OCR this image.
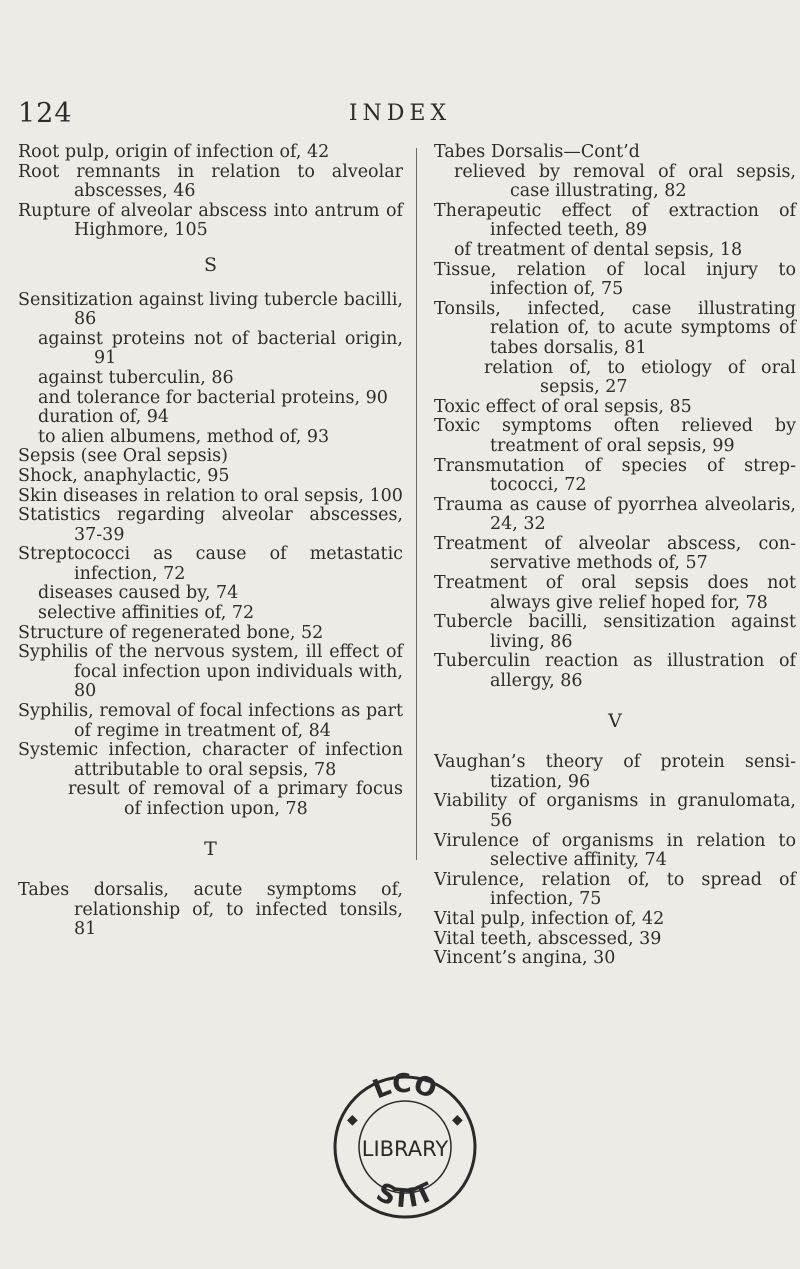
124	INDEX

Root pulp, origin of infection of, 42

Root remnants in relation to alveolar abscesses, 46

Rupture of alveolar abscess into antrum of Highmore, 105

S

Sensitization against living tubercle bacilli, 86

against proteins not of bacterial origin, 91

against tuberculin, 86

and tolerance for bacterial proteins, 90

duration of, 94

to alien albumens, method of, 93

Sepsis (see Oral sepsis)

Shock, anaphylactic, 95

Skin diseases in relation to oral sepsis, 100

Statistics regarding alveolar abscesses, 37-39

Streptococci as cause of metastatic infection, 72

diseases caused by, 74

selective affinities of, 72

Structure of regenerated bone, 52

Syphilis of the nervous system, ill effect of focal infection upon individuals with, 80

Syphilis, removal of focal infections as part of regime in treatment of, 84

Systemic infection, character of infection attributable to oral sepsis, 78

result of removal of a primary focus of infection upon, 78

T

Tabes dorsalis, acute symptoms of, relationship of, to infected tonsils, 81

Tabes Dorsalis—Cont’d

relieved by removal of oral sepsis, case illustrating, 82

Therapeutic effect of extraction of infected teeth, 89

of treatment of dental sepsis, 18

Tissue, relation of local injury to infection of, 75

Tonsils, infected, case illustrating relation of, to acute symptoms of tabes dorsalis, 81

relation of, to etiology of oral sepsis, 27

Toxic effect of oral sepsis, 85

Toxic symptoms often relieved by treatment of oral sepsis, 99

Transmutation of species of streptococci, 72

Trauma as cause of pyorrhea alveolaris, 24, 32

Treatment of alveolar abscess, conservative methods of, 57

Treatment of oral sepsis does not always give relief hoped for, 78

Tubercle bacilli, sensitization against living, 86

Tuberculin reaction as illustration of allergy, 86

V

Vaughan’s theory of protein sensitization, 96

Viability of organisms in granulomata, 56

Virulence of organisms in relation to selective affinity, 74

Virulence, relation of, to spread of infection, 75

Vital pulp, infection of, 42

Vital teeth, abscessed, 39

Vincent’s angina, 30

LCO
LIBRARY
STIT
◆	◆
